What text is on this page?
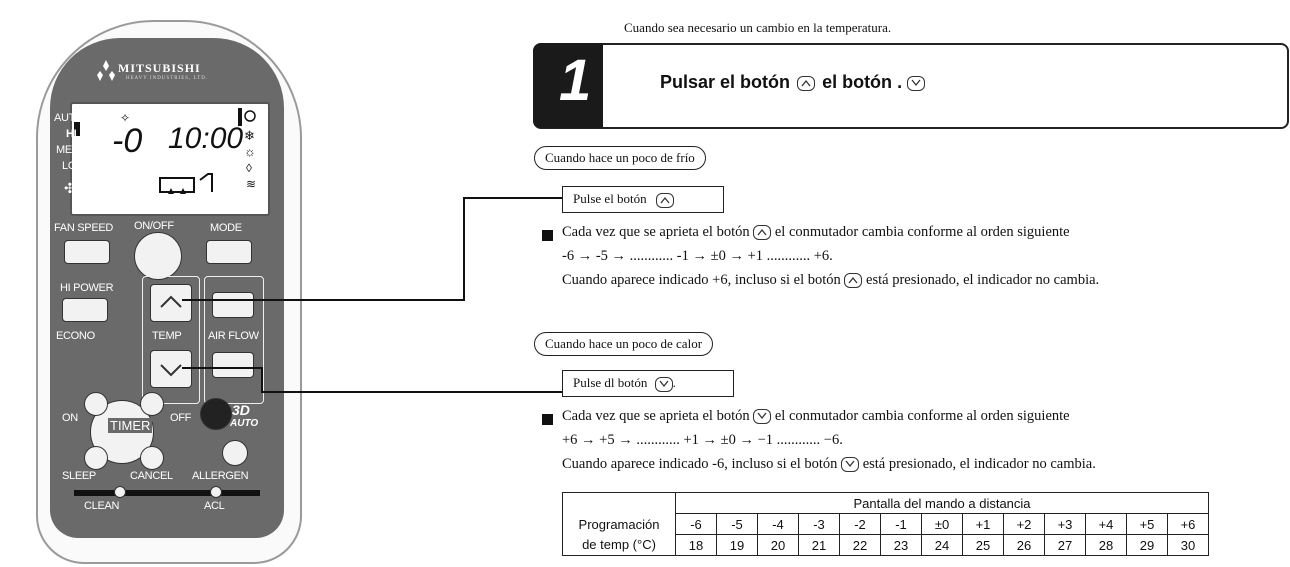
MITSUBISHI
HEAVY INDUSTRIES, LTD.
-0
✧
❄
☼
◊
≋
10:00
AUTO
HI
MED
LO
✣
FAN SPEED ON/OFF	MODE
HI POWER
ECONO	TEMP AIR FLOW
TIMER
ON	OFF
SLEEP	CANCEL
3D
AUTO
ALLERGEN
CLEAN	ACL
Cuando sea necesario un cambio en la temperatura.
1	Pulsar el botón el botón .
Cuando hace un poco de frío
Pulse el botón
Cada vez que se aprieta el botón el conmutador cambia conforme al orden siguiente
-6 → -5 → ............ -1 → ±0 → +1 ............ +6.
Cuando aparece indicado +6, incluso si el botón está presionado, el indicador no cambia.
Cuando hace un poco de calor
Pulse dl botón .
Cada vez que se aprieta el botón el conmutador cambia conforme al orden siguiente
+6 → +5 → ............ +1 → ±0 → −1 ............ −6.
Cuando aparece indicado -6, incluso si el botón está presionado, el indicador no cambia.
	Pantalla del mando a distancia												
Programación	-6	-5	-4	-3	-2	-1	±0	+1	+2	+3	+4	+5	+6
de temp (°C)	18	19	20	21	22	23	24	25	26	27	28	29	30
